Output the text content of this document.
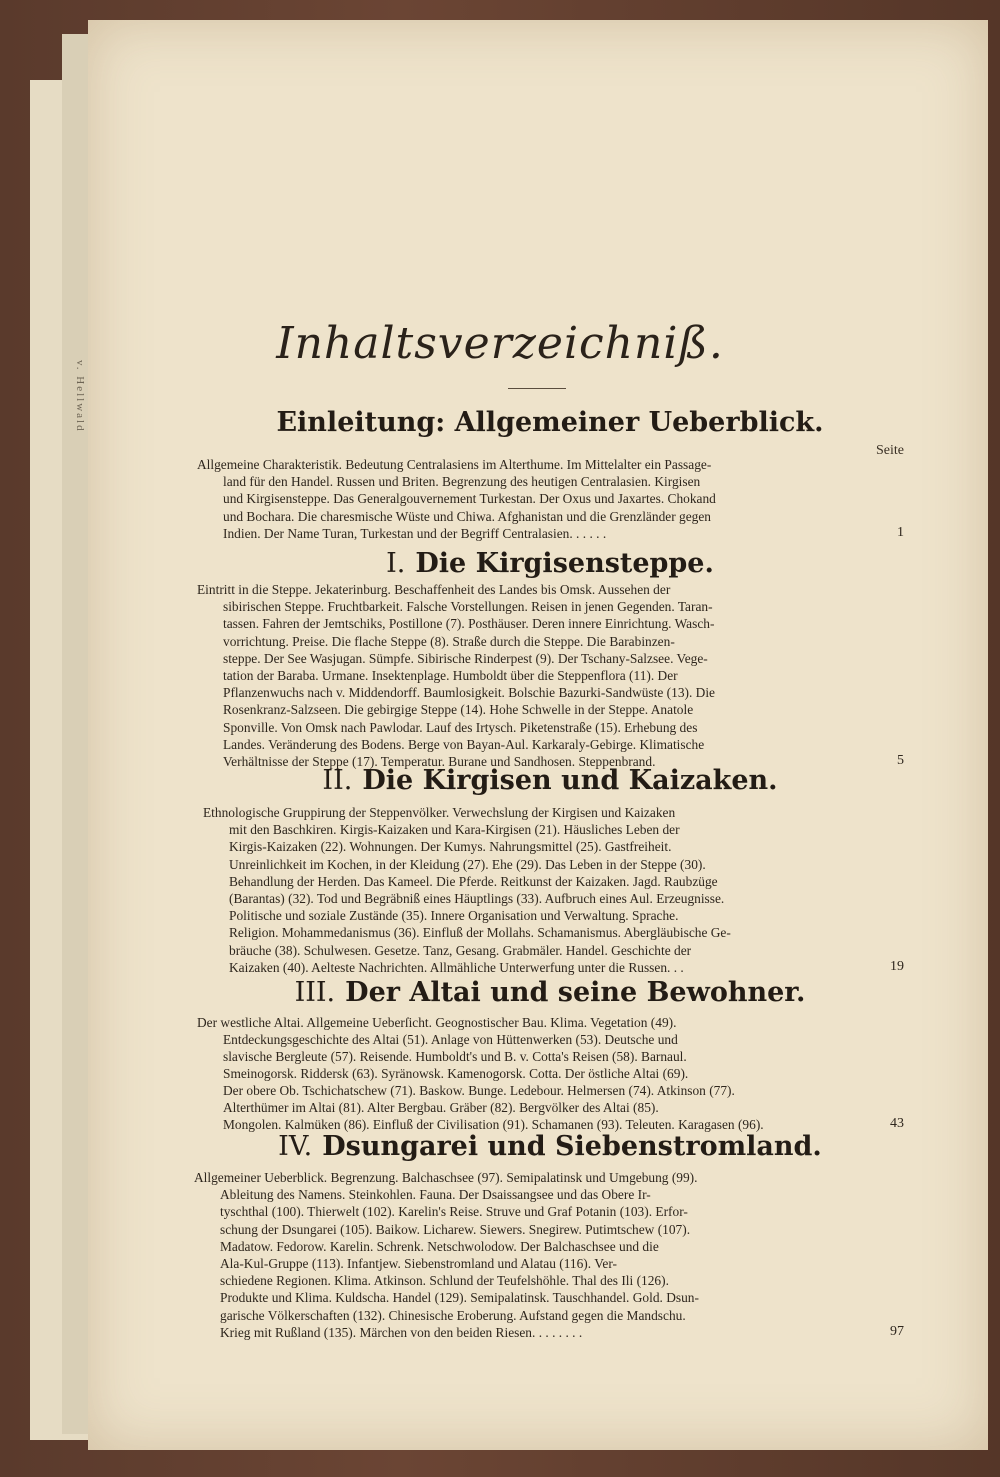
v. Hellwald
Inhaltsverzeichniß.
Seite
Einleitung: Allgemeiner Ueberblick.
Allgemeine Charakteristik. Bedeutung Centralasiens im Alterthume. Im Mittelalter ein Passage-
land für den Handel. Russen und Briten. Begrenzung des heutigen Centralasien. Kirgisen
und Kirgisensteppe. Das Generalgouvernement Turkestan. Der Oxus und Jaxartes. Chokand
und Bochara. Die charesmische Wüste und Chiwa. Afghanistan und die Grenzländer gegen
Indien. Der Name Turan, Turkestan und der Begriff Centralasien. . . . . .	1
I. Die Kirgisensteppe.
Eintritt in die Steppe. Jekaterinburg. Beschaffenheit des Landes bis Omsk. Aussehen der
sibirischen Steppe. Fruchtbarkeit. Falsche Vorstellungen. Reisen in jenen Gegenden. Taran-
tassen. Fahren der Jemtschiks, Postillone (7). Posthäuser. Deren innere Einrichtung. Wasch-
vorrichtung. Preise. Die flache Steppe (8). Straße durch die Steppe. Die Barabinzen-
steppe. Der See Wasjugan. Sümpfe. Sibirische Rinderpest (9). Der Tschany-Salzsee. Vege-
tation der Baraba. Urmane. Insektenplage. Humboldt über die Steppenflora (11). Der
Pflanzenwuchs nach v. Middendorff. Baumlosigkeit. Bolschie Bazurki-Sandwüste (13). Die
Rosenkranz-Salzseen. Die gebirgige Steppe (14). Hohe Schwelle in der Steppe. Anatole
Sponville. Von Omsk nach Pawlodar. Lauf des Irtysch. Piketenstraße (15). Erhebung des
Landes. Veränderung des Bodens. Berge von Bayan-Aul. Karkaraly-Gebirge. Klimatische
Verhältnisse der Steppe (17). Temperatur. Burane und Sandhosen. Steppenbrand.	5
II. Die Kirgisen und Kaizaken.
Ethnologische Gruppirung der Steppenvölker. Verwechslung der Kirgisen und Kaizaken
mit den Baschkiren. Kirgis-Kaizaken und Kara-Kirgisen (21). Häusliches Leben der
Kirgis-Kaizaken (22). Wohnungen. Der Kumys. Nahrungsmittel (25). Gastfreiheit.
Unreinlichkeit im Kochen, in der Kleidung (27). Ehe (29). Das Leben in der Steppe (30).
Behandlung der Herden. Das Kameel. Die Pferde. Reitkunst der Kaizaken. Jagd. Raubzüge
(Barantas) (32). Tod und Begräbniß eines Häuptlings (33). Aufbruch eines Aul. Erzeugnisse.
Politische und soziale Zustände (35). Innere Organisation und Verwaltung. Sprache.
Religion. Mohammedanismus (36). Einfluß der Mollahs. Schamanismus. Abergläubische Ge-
bräuche (38). Schulwesen. Gesetze. Tanz, Gesang. Grabmäler. Handel. Geschichte der
Kaizaken (40). Aelteste Nachrichten. Allmähliche Unterwerfung unter die Russen. . .	19
III. Der Altai und seine Bewohner.
Der westliche Altai. Allgemeine Ueberſicht. Geognostischer Bau. Klima. Vegetation (49).
Entdeckungsgeschichte des Altai (51). Anlage von Hüttenwerken (53). Deutsche und
slavische Bergleute (57). Reisende. Humboldt's und B. v. Cotta's Reisen (58). Barnaul.
Smeinogorsk. Riddersk (63). Syränowsk. Kamenogorsk. Cotta. Der östliche Altai (69).
Der obere Ob. Tschichatschew (71). Baskow. Bunge. Ledebour. Helmersen (74). Atkinson (77).
Alterthümer im Altai (81). Alter Bergbau. Gräber (82). Bergvölker des Altai (85).
Mongolen. Kalmüken (86). Einfluß der Civilisation (91). Schamanen (93). Teleuten. Karagasen (96).	43
IV. Dsungarei und Siebenstromland.
Allgemeiner Ueberblick. Begrenzung. Balchaschsee (97). Semipalatinsk und Umgebung (99).
Ableitung des Namens. Steinkohlen. Fauna. Der Dsaissangsee und das Obere Ir-
tyschthal (100). Thierwelt (102). Karelin's Reise. Struve und Graf Potanin (103). Erfor-
schung der Dsungarei (105). Baikow. Licharew. Siewers. Snegirew. Putimtschew (107).
Madatow. Fedorow. Karelin. Schrenk. Netschwolodow. Der Balchaschsee und die
Ala-Kul-Gruppe (113). Infantjew. Siebenstromland und Alatau (116). Ver-
schiedene Regionen. Klima. Atkinson. Schlund der Teufelshöhle. Thal des Ili (126).
Produkte und Klima. Kuldscha. Handel (129). Semipalatinsk. Tauschhandel. Gold. Dsun-
garische Völkerschaften (132). Chinesische Eroberung. Aufstand gegen die Mandschu.
Krieg mit Rußland (135). Märchen von den beiden Riesen. . . . . . . .	97
